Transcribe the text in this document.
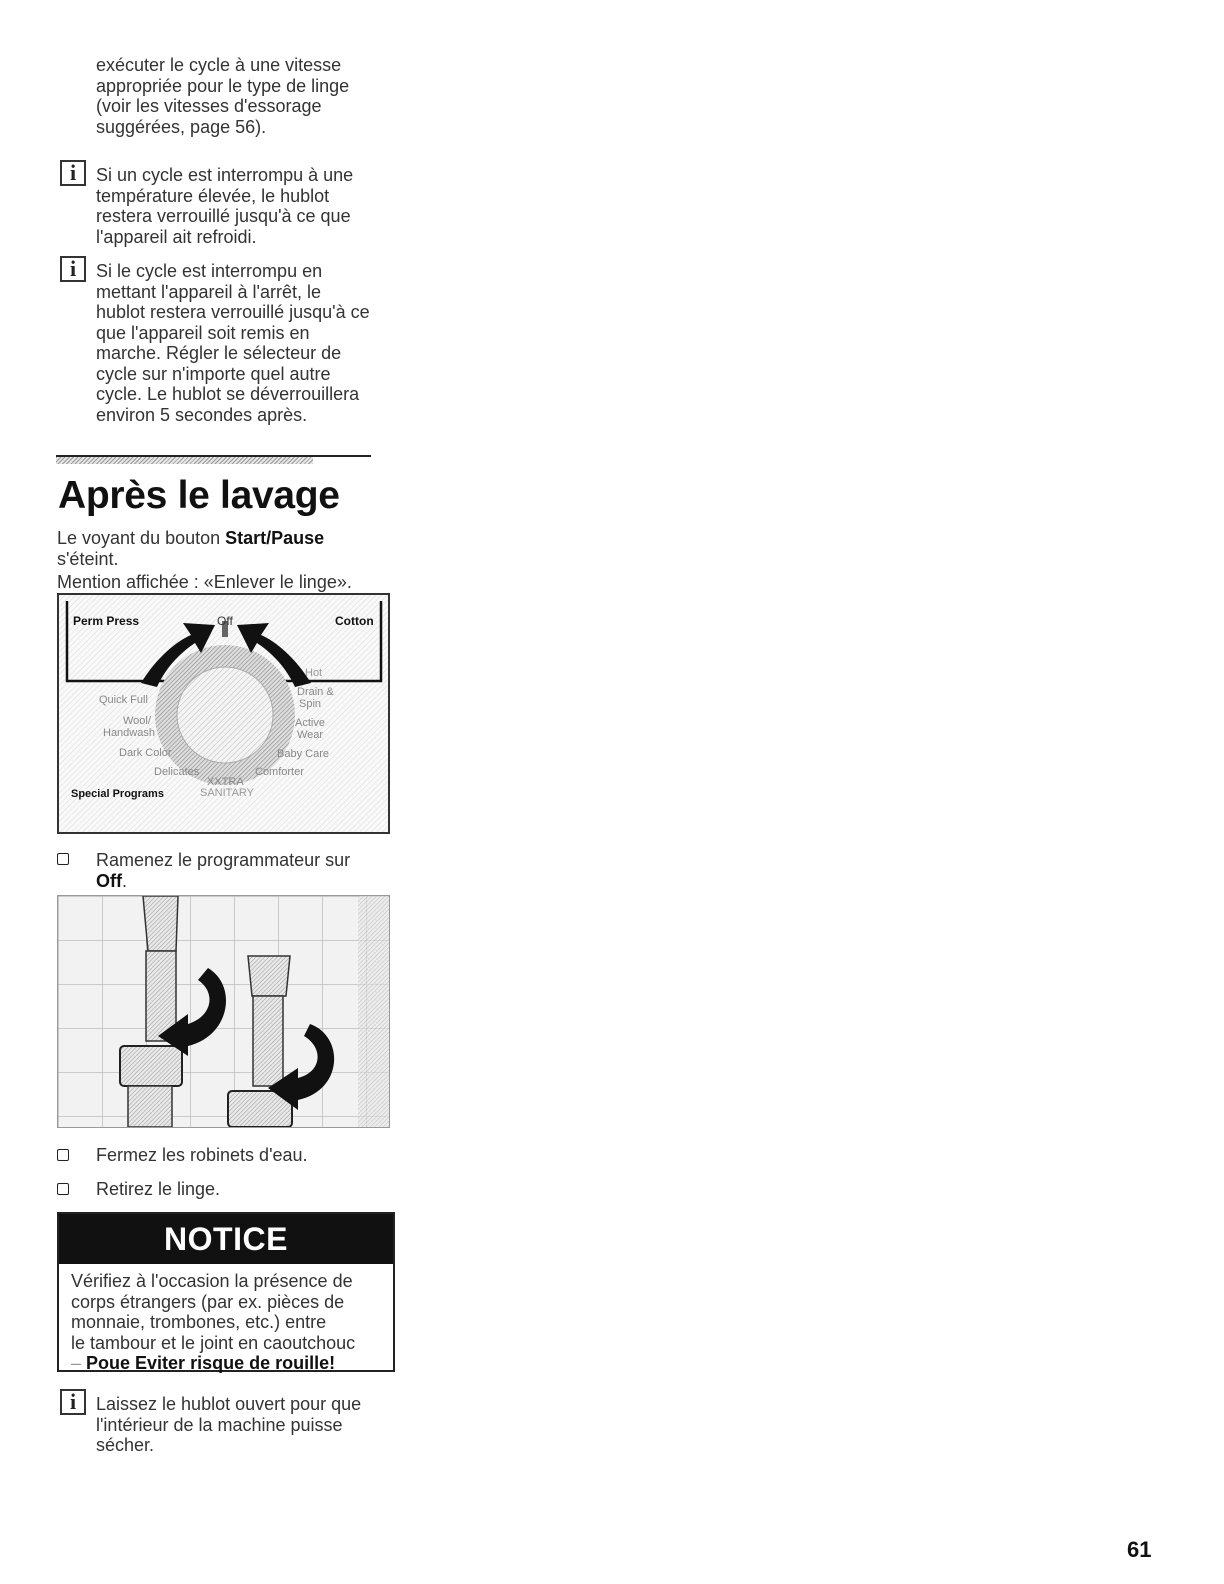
exécuter le cycle à une vitesse
appropriée pour le type de linge
(voir les vitesses d'essorage
suggérées, page 56).
i	Si un cycle est interrompu à une
température élevée, le hublot
restera verrouillé jusqu'à ce que
l'appareil ait refroidi.
i	Si le cycle est interrompu en
mettant l'appareil à l'arrêt, le
hublot restera verrouillé jusqu'à ce
que l'appareil soit remis en
marche. Régler le sélecteur de
cycle sur n'importe quel autre
cycle. Le hublot se déverrouillera
environ 5 secondes après.
Après le lavage
Le voyant du bouton Start/Pause
s'éteint.
Mention affichée : «Enlever le linge».
Perm Press	Off	Cotton
Quick Full
Wool/
Handwash
Dark Color
Delicates
Hot
Drain &
Spin
Active
Wear
Baby Care
Comforter
XXTRA
SANITARY
Special Programs
Ramenez le programmateur sur
Off.
Fermez les robinets d'eau.
Retirez le linge.
NOTICE
Vérifiez à l'occasion la présence de
corps étrangers (par ex. pièces de
monnaie, trombones, etc.) entre
le tambour et le joint en caoutchouc
– Poue Eviter risque de rouille!
i	Laissez le hublot ouvert pour que
l'intérieur de la machine puisse
sécher.
61
